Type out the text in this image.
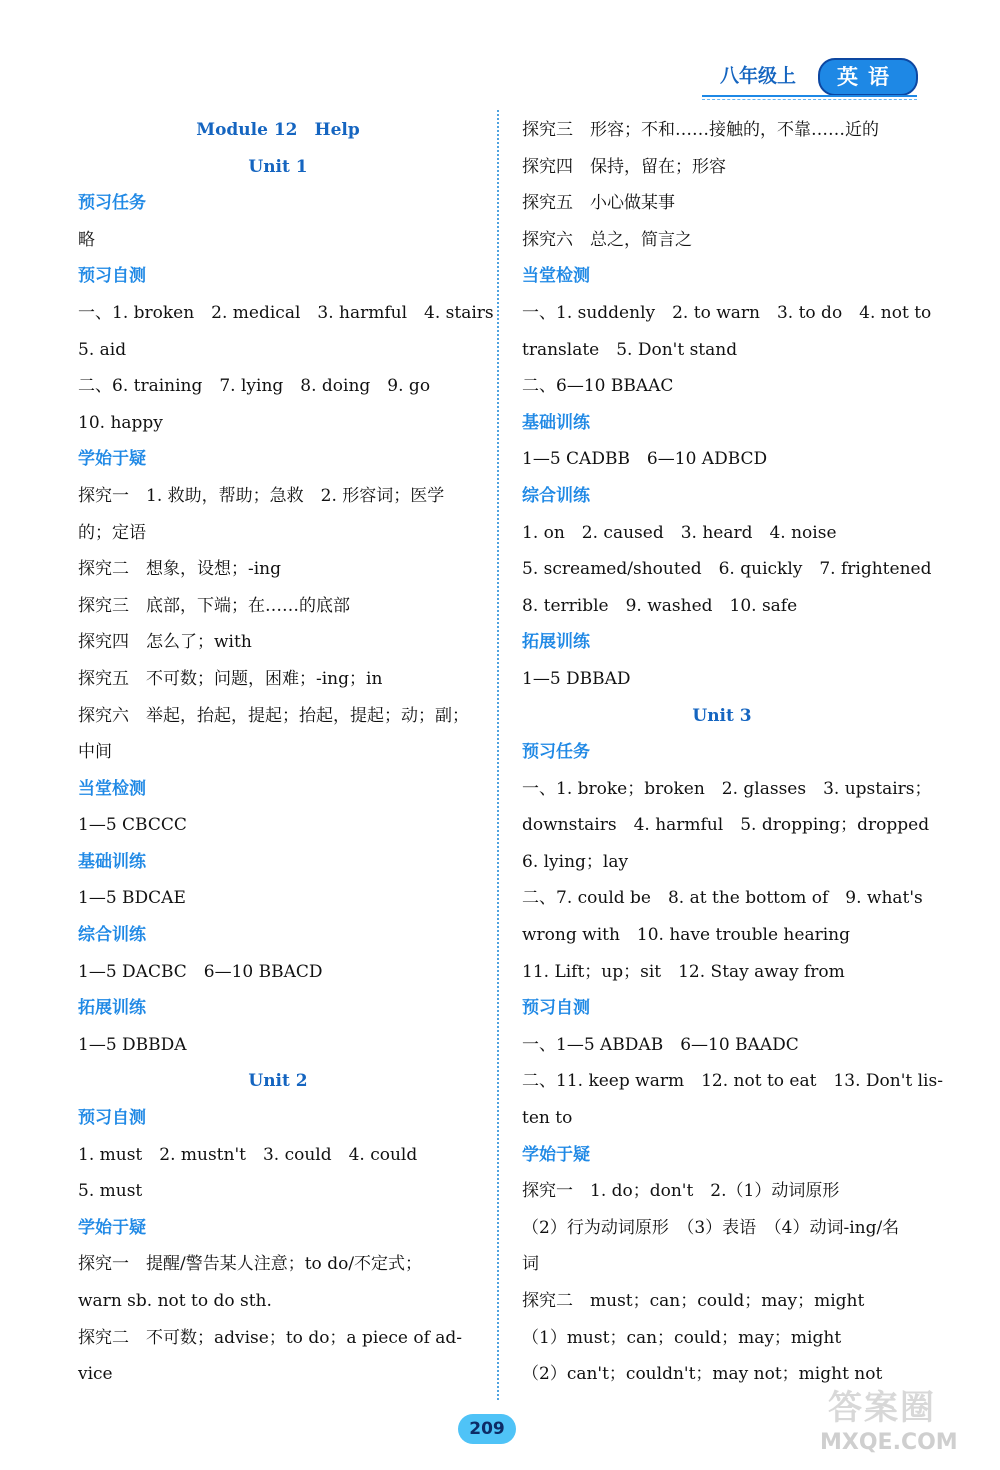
八年级上	英语
Module 12　Help
Unit 1
预习任务
略
预习自测
一、1. broken　2. medical　3. harmful　4. stairs
5. aid
二、6. training　7. lying　8. doing　9. go
10. happy
学始于疑
探究一　1. 救助，帮助；急救　2. 形容词；医学
的；定语
探究二　想象，设想；-ing
探究三　底部，下端；在……的底部
探究四　怎么了；with
探究五　不可数；问题，困难；-ing；in
探究六　举起，抬起，提起；抬起，提起；动；副；
中间
当堂检测
1—5 CBCCC
基础训练
1—5 BDCAE
综合训练
1—5 DACBC　6—10 BBACD
拓展训练
1—5 DBBDA
Unit 2
预习自测
1. must　2. mustn't　3. could　4. could
5. must
学始于疑
探究一　提醒/警告某人注意；to do/不定式；
warn sb. not to do sth.
探究二　不可数；advise；to do；a piece of ad-
vice
探究三　形容；不和……接触的，不靠……近的
探究四　保持，留在；形容
探究五　小心做某事
探究六　总之，简言之
当堂检测
一、1. suddenly　2. to warn　3. to do　4. not to
translate　5. Don't stand
二、6—10 BBAAC
基础训练
1—5 CADBB　6—10 ADBCD
综合训练
1. on　2. caused　3. heard　4. noise
5. screamed/shouted　6. quickly　7. frightened
8. terrible　9. washed　10. safe
拓展训练
1—5 DBBAD
Unit 3
预习任务
一、1. broke；broken　2. glasses　3. upstairs；
downstairs　4. harmful　5. dropping；dropped
6. lying；lay
二、7. could be　8. at the bottom of　9. what's
wrong with　10. have trouble hearing
11. Lift；up；sit　12. Stay away from
预习自测
一、1—5 ABDAB　6—10 BAADC
二、11. keep warm　12. not to eat　13. Don't lis-
ten to
学始于疑
探究一　1. do；don't　2.（1）动词原形
（2）行为动词原形　（3）表语　（4）动词-ing/名
词
探究二　must；can；could；may；might
（1）must；can；could；may；might
（2）can't；couldn't；may not；might not
209
答案圈
MXQE.COM
